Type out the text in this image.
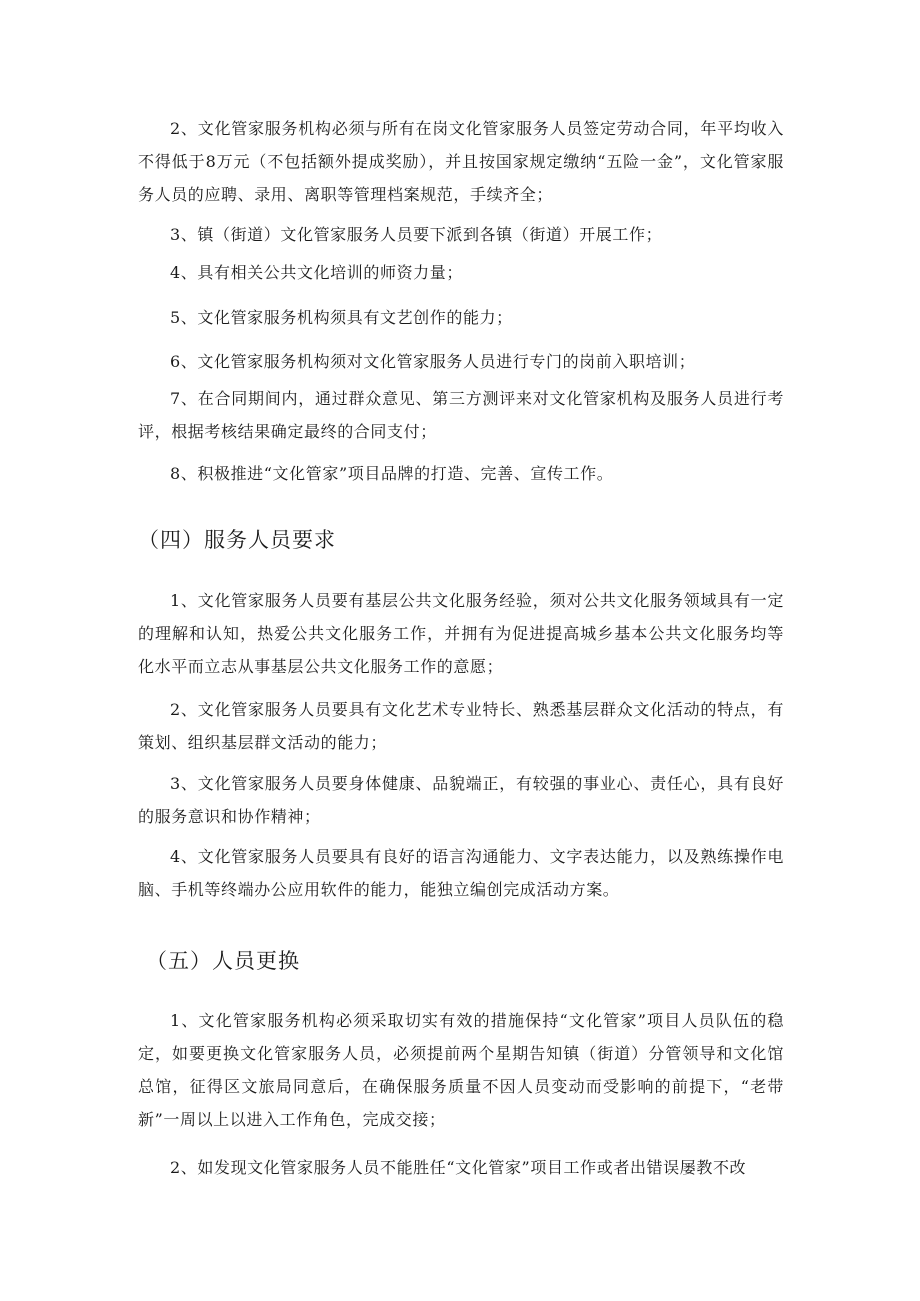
2、文化管家服务机构必须与所有在岗文化管家服务人员签定劳动合同，年平均收入不得低于8万元（不包括额外提成奖励），并且按国家规定缴纳“五险一金”，文化管家服务人员的应聘、录用、离职等管理档案规范，手续齐全；

3、镇（街道）文化管家服务人员要下派到各镇（街道）开展工作；

4、具有相关公共文化培训的师资力量；

5、文化管家服务机构须具有文艺创作的能力；

6、文化管家服务机构须对文化管家服务人员进行专门的岗前入职培训；

7、在合同期间内，通过群众意见、第三方测评来对文化管家机构及服务人员进行考评，根据考核结果确定最终的合同支付；

8、积极推进“文化管家”项目品牌的打造、完善、宣传工作。

（四）服务人员要求

1、文化管家服务人员要有基层公共文化服务经验，须对公共文化服务领域具有一定的理解和认知，热爱公共文化服务工作，并拥有为促进提高城乡基本公共文化服务均等化水平而立志从事基层公共文化服务工作的意愿；

2、文化管家服务人员要具有文化艺术专业特长、熟悉基层群众文化活动的特点，有策划、组织基层群文活动的能力；

3、文化管家服务人员要身体健康、品貌端正，有较强的事业心、责任心，具有良好的服务意识和协作精神；

4、文化管家服务人员要具有良好的语言沟通能力、文字表达能力，以及熟练操作电脑、手机等终端办公应用软件的能力，能独立编创完成活动方案。

（五）人员更换

1、文化管家服务机构必须采取切实有效的措施保持“文化管家”项目人员队伍的稳定，如要更换文化管家服务人员，必须提前两个星期告知镇（街道）分管领导和文化馆总馆，征得区文旅局同意后，在确保服务质量不因人员变动而受影响的前提下，“老带新”一周以上以进入工作角色，完成交接；

2、如发现文化管家服务人员不能胜任“文化管家”项目工作或者出错误屡教不改
